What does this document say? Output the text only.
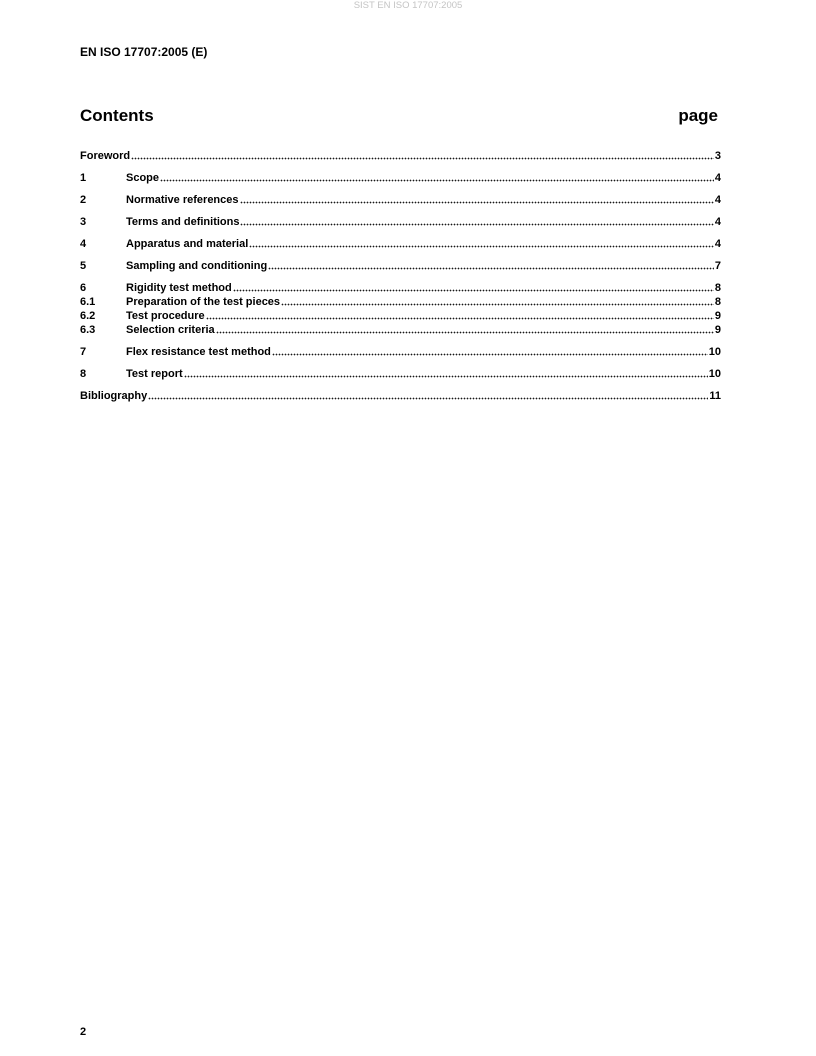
SIST EN ISO 17707:2005
EN ISO 17707:2005 (E)
Contents	page
Foreword	3
1	Scope	4
2	Normative references	4
3	Terms and definitions	4
4	Apparatus and material	4
5	Sampling and conditioning	7
6	Rigidity test method	8
6.1	Preparation of the test pieces	8
6.2	Test procedure	9
6.3	Selection criteria	9
7	Flex resistance test method	10
8	Test report	10
Bibliography	11
2
